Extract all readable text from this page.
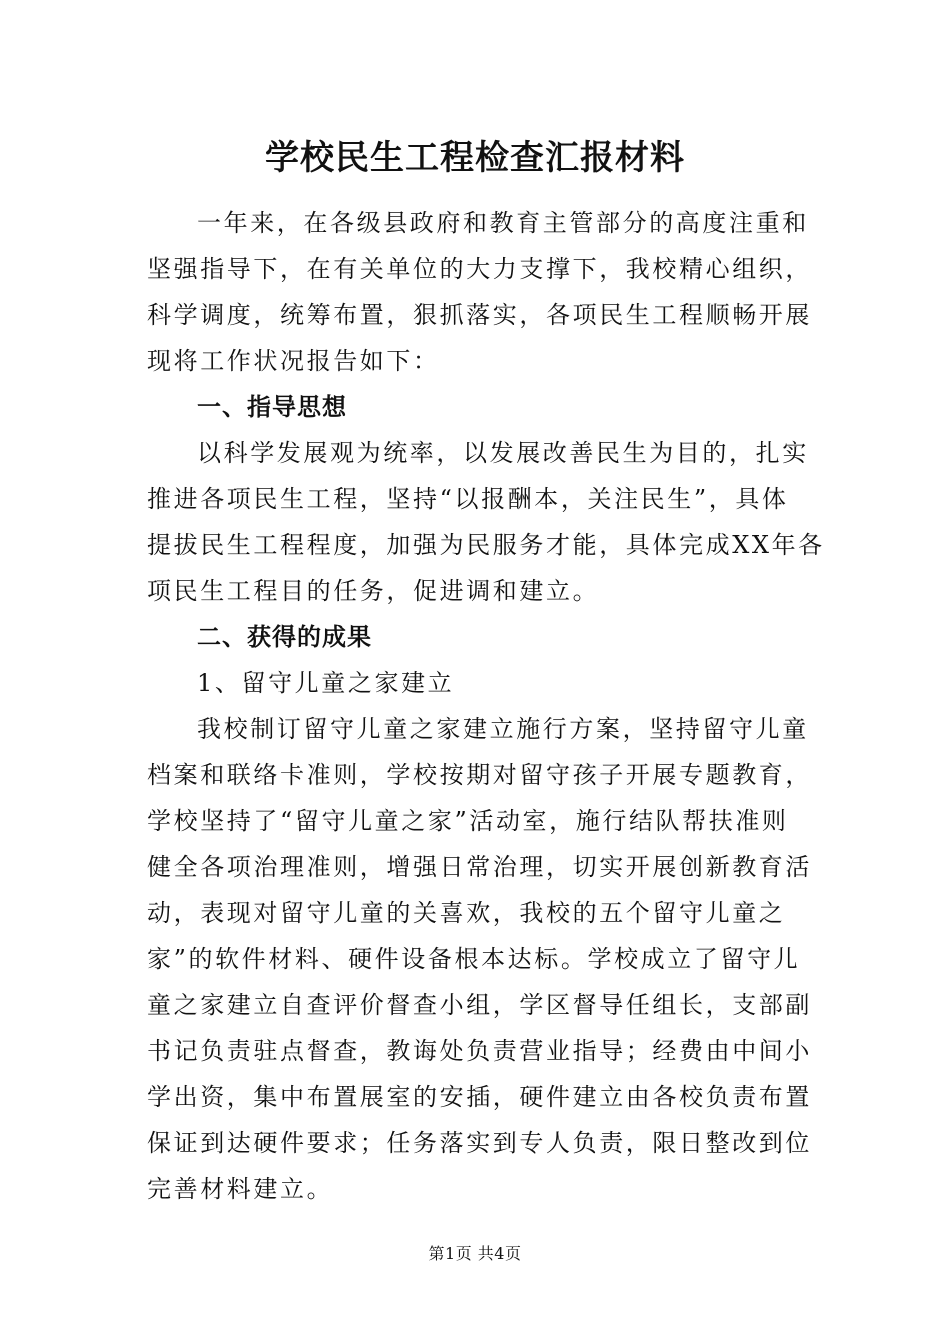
学校民生工程检查汇报材料
一年来，在各级县政府和教育主管部分的高度注重和
坚强指导下，在有关单位的大力支撑下，我校精心组织，
科学调度，统筹布置，狠抓落实，各项民生工程顺畅开展
现将工作状况报告如下：
一、指导思想
以科学发展观为统率，以发展改善民生为目的，扎实
推进各项民生工程，坚持“以报酬本，关注民生”，具体
提拔民生工程程度，加强为民服务才能，具体完成XX年各
项民生工程目的任务，促进调和建立。
二、获得的成果
1、留守儿童之家建立
我校制订留守儿童之家建立施行方案，坚持留守儿童
档案和联络卡准则，学校按期对留守孩子开展专题教育，
学校坚持了“留守儿童之家”活动室，施行结队帮扶准则
健全各项治理准则，增强日常治理，切实开展创新教育活
动，表现对留守儿童的关喜欢，我校的五个留守儿童之
家”的软件材料、硬件设备根本达标。学校成立了留守儿
童之家建立自查评价督查小组，学区督导任组长，支部副
书记负责驻点督查，教诲处负责营业指导；经费由中间小
学出资，集中布置展室的安插，硬件建立由各校负责布置
保证到达硬件要求；任务落实到专人负责，限日整改到位
完善材料建立。
第1页 共4页
